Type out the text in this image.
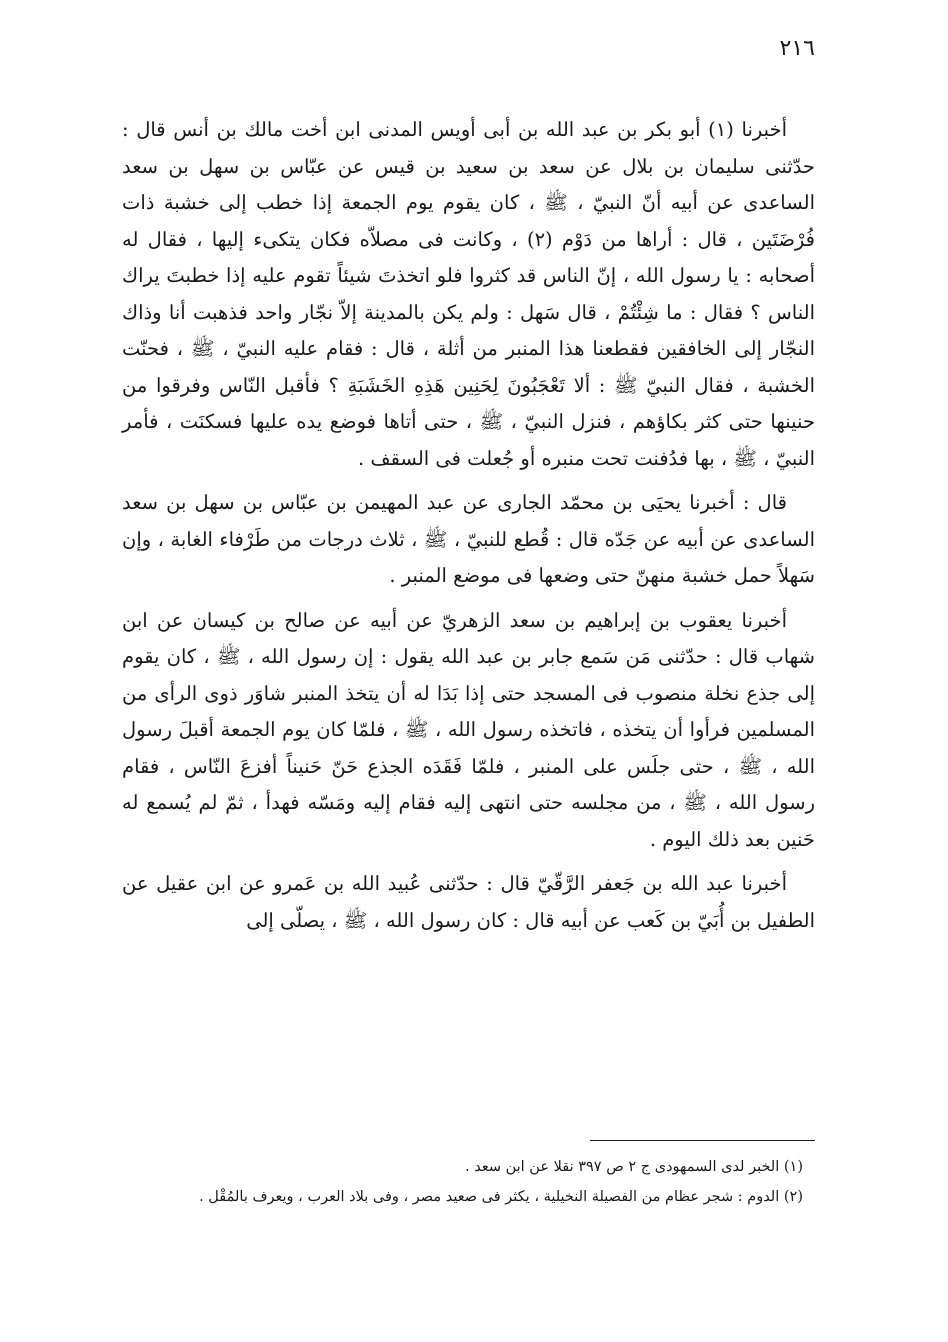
٢١٦

أخبرنا (١) أبو بكر بن عبد الله بن أبى أويس المدنى ابن أخت مالك بن أنس قال : حدّثنى سليمان بن بلال عن سعد بن سعيد بن قيس عن عبّاس بن سهل بن سعد الساعدى عن أبيه أنّ النبيّ ، ﷺ ، كان يقوم يوم الجمعة إذا خطب إلى خشبة ذات فُرْضَتَين ، قال : أراها من دَوْم (٢) ، وكانت فى مصلاّه فكان يتكىء إليها ، فقال له أصحابه : يا رسول الله ، إنّ الناس قد كثروا فلو اتخذتَ شيئاً تقوم عليه إذا خطبتَ يراك الناس ؟ فقال : ما شِئْتُمْ ، قال سَهل : ولم يكن بالمدينة إلاّ نجّار واحد فذهبت أنا وذاك النجّار إلى الخافقين فقطعنا هذا المنبر من أثلة ، قال : فقام عليه النبيّ ، ﷺ ، فحنّت الخشبة ، فقال النبيّ ﷺ : ألا تَعْجَبُونَ لِحَنِين هَذِهِ الخَشَبَةِ ؟ فأقبل النّاس وفرقوا من حنينها حتى كثر بكاؤهم ، فنزل النبيّ ، ﷺ ، حتى أتاها فوضع يده عليها فسكنَت ، فأمر النبيّ ، ﷺ ، بها فدُفنت تحت منبره أو جُعلت فى السقف .

قال : أخبرنا يحيَى بن محمّد الجارى عن عبد المهيمن بن عبّاس بن سهل بن سعد الساعدى عن أبيه عن جَدّه قال : قُطع للنبيّ ، ﷺ ، ثلاث درجات من طَرْفاء الغابة ، وإن سَهلاً حمل خشبة منهنّ حتى وضعها فى موضع المنبر .

أخبرنا يعقوب بن إبراهيم بن سعد الزهريّ عن أبيه عن صالح بن كيسان عن ابن شهاب قال : حدّثنى مَن سَمع جابر بن عبد الله يقول : إن رسول الله ، ﷺ ، كان يقوم إلى جذع نخلة منصوب فى المسجد حتى إذا بَدَا له أن يتخذ المنبر شاوَر ذوى الرأى من المسلمين فرأوا أن يتخذه ، فاتخذه رسول الله ، ﷺ ، فلمّا كان يوم الجمعة أقبلَ رسول الله ، ﷺ ، حتى جلَس على المنبر ، فلمّا فَقَدَه الجذع حَنّ حَنيناً أفزعَ النّاس ، فقام رسول الله ، ﷺ ، من مجلسه حتى انتهى إليه فقام إليه ومَسّه فهدأ ، ثمّ لم يُسمع له حَنين بعد ذلك اليوم .

أخبرنا عبد الله بن جَعفر الرَّقّيّ قال : حدّثنى عُبيد الله بن عَمرو عن ابن عقيل عن الطفيل بن أُبَيّ بن كَعب عن أبيه قال : كان رسول الله ، ﷺ ، يصلّى إلى

(١) الخبر لدى السمهودى ج ٢ ص ٣٩٧ نقلا عن ابن سعد .

(٢) الدوم : شجر عظام من الفصيلة النخيلية ، يكثر فى صعيد مصر ، وفى بلاد العرب ، ويعرف بالمُقْل .
